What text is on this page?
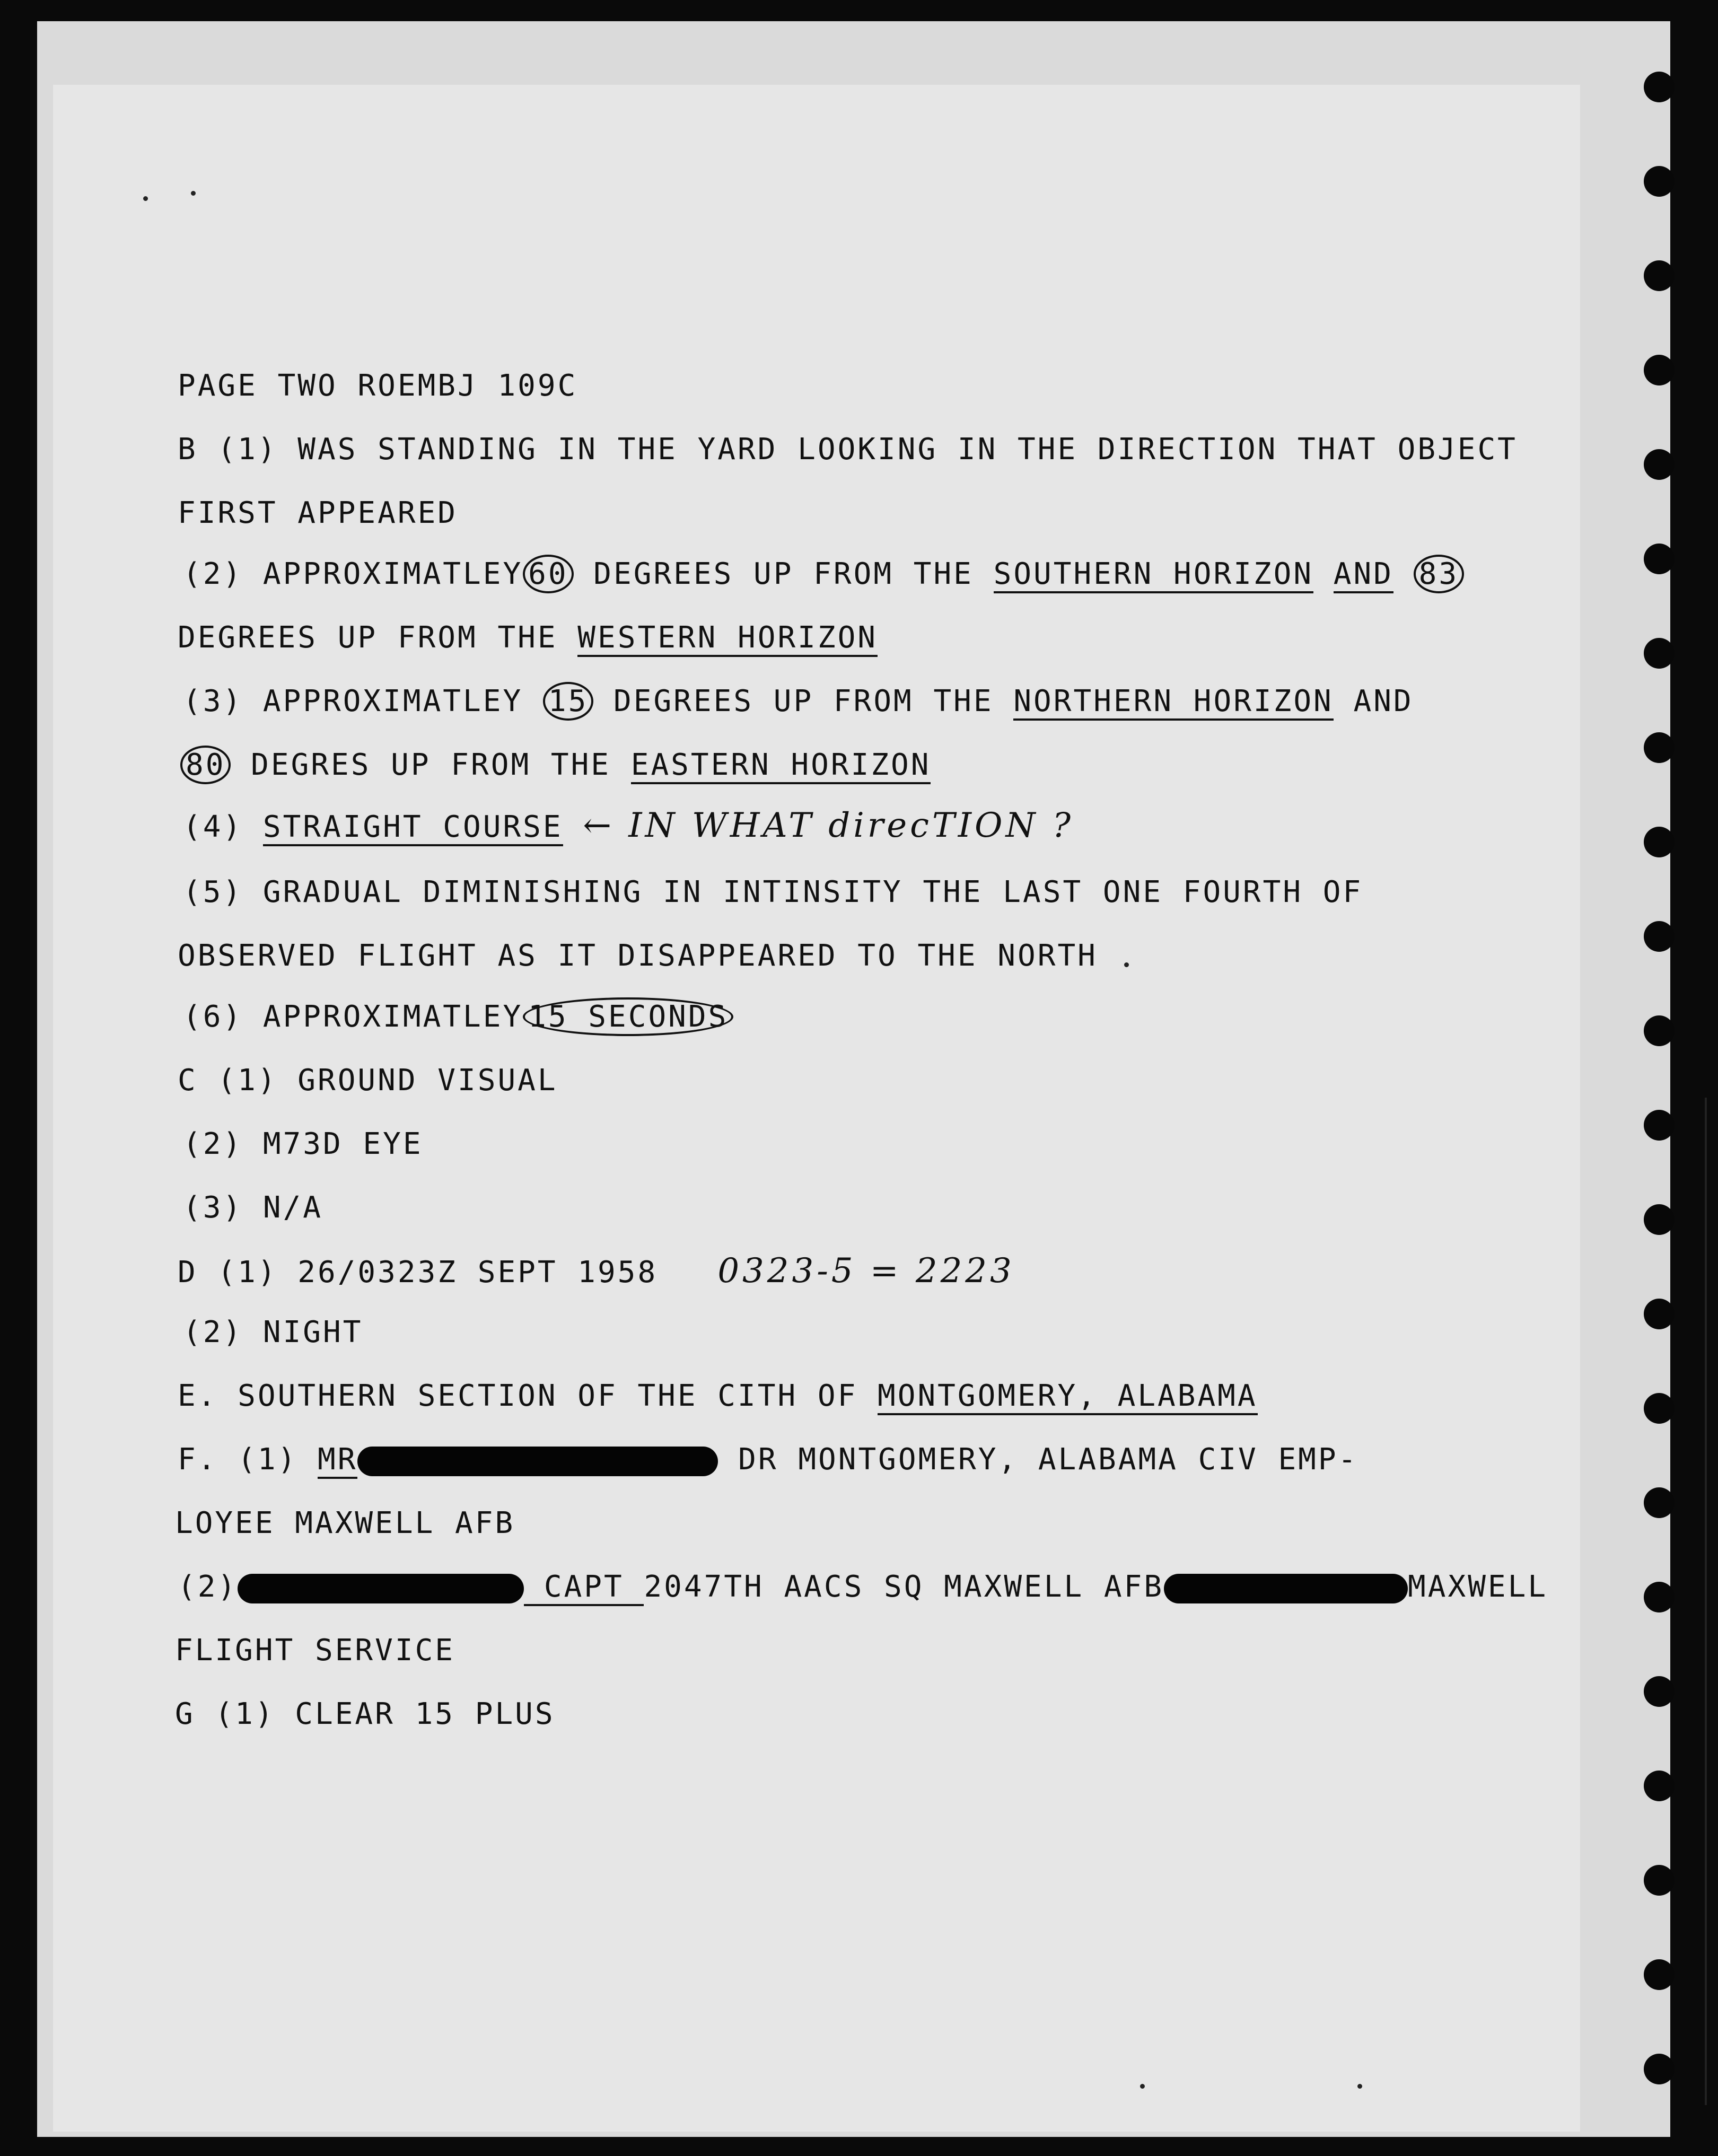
PAGE TWO ROEMBJ 109C
B (1) WAS STANDING IN THE YARD LOOKING IN THE DIRECTION THAT OBJECT
FIRST APPEARED
(2) APPROXIMATLEY 60 DEGREES UP FROM THE SOUTHERN HORIZON AND 83
DEGREES UP FROM THE WESTERN HORIZON
(3) APPROXIMATLEY 15 DEGREES UP FROM THE NORTHERN HORIZON AND
80 DEGRES UP FROM THE EASTERN HORIZON
(4) STRAIGHT COURSE ← IN WHAT direcTION ?
(5) GRADUAL DIMINISHING IN INTINSITY THE LAST ONE FOURTH OF
OBSERVED FLIGHT AS IT DISAPPEARED TO THE NORTH
(6) APPROXIMATLEY 15 SECONDS
C (1) GROUND VISUAL
(2) M73D EYE
(3) N/A
D (1) 26/0323Z SEPT 1958 0323-5 = 2223
(2) NIGHT
E. SOUTHERN SECTION OF THE CITH OF MONTGOMERY, ALABAMA
F. (1) MR	DR MONTGOMERY, ALABAMA CIV EMP-
LOYEE MAXWELL AFB
(2)	CAPT 2047TH AACS SQ MAXWELL AFB	MAXWELL
FLIGHT SERVICE
G (1) CLEAR 15 PLUS
